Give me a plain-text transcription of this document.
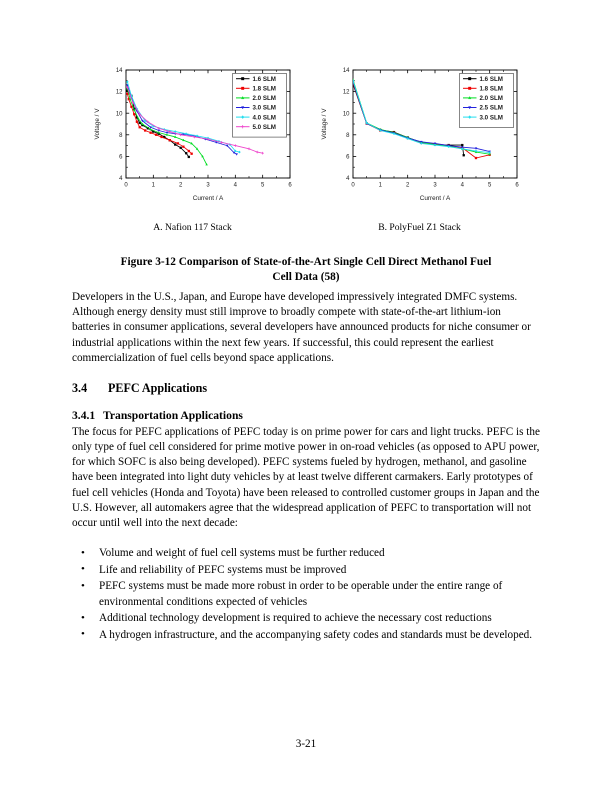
0	1	2	3	4	5	6
4
6
8
10
12
14
Current / A
Voltage / V
1.6 SLM
1.8 SLM
2.0 SLM
3.0 SLM
4.0 SLM
5.0 SLM
0	1	2	3	4	5	6
4
6
8
10
12
14
Current / A
Voltage / V
1.6 SLM
1.8 SLM
2.0 SLM
2.5 SLM
3.0 SLM
A. Nafion 117 Stack	B. PolyFuel Z1 Stack
Figure 3-12 Comparison of State-of-the-Art Single Cell Direct Methanol Fuel Cell Data (58)

Developers in the U.S., Japan, and Europe have developed impressively integrated DMFC systems. Although energy density must still improve to broadly compete with state-of-the-art lithium-ion batteries in consumer applications, several developers have announced products for niche consumer or industrial applications within the next few years. If successful, this could represent the earliest commercialization of fuel cells beyond space applications.

3.4 PEFC Applications
3.4.1 Transportation Applications

The focus for PEFC applications of PEFC today is on prime power for cars and light trucks. PEFC is the only type of fuel cell considered for prime motive power in on-road vehicles (as opposed to APU power, for which SOFC is also being developed). PEFC systems fueled by hydrogen, methanol, and gasoline have been integrated into light duty vehicles by at least twelve different carmakers. Early prototypes of fuel cell vehicles (Honda and Toyota) have been released to controlled customer groups in Japan and the U.S. However, all automakers agree that the widespread application of PEFC to transportation will not occur until well into the next decade:

• Volume and weight of fuel cell systems must be further reduced
• Life and reliability of PEFC systems must be improved
• PEFC systems must be made more robust in order to be operable under the entire range of environmental conditions expected of vehicles
• Additional technology development is required to achieve the necessary cost reductions
• A hydrogen infrastructure, and the accompanying safety codes and standards must be developed.
3-21
